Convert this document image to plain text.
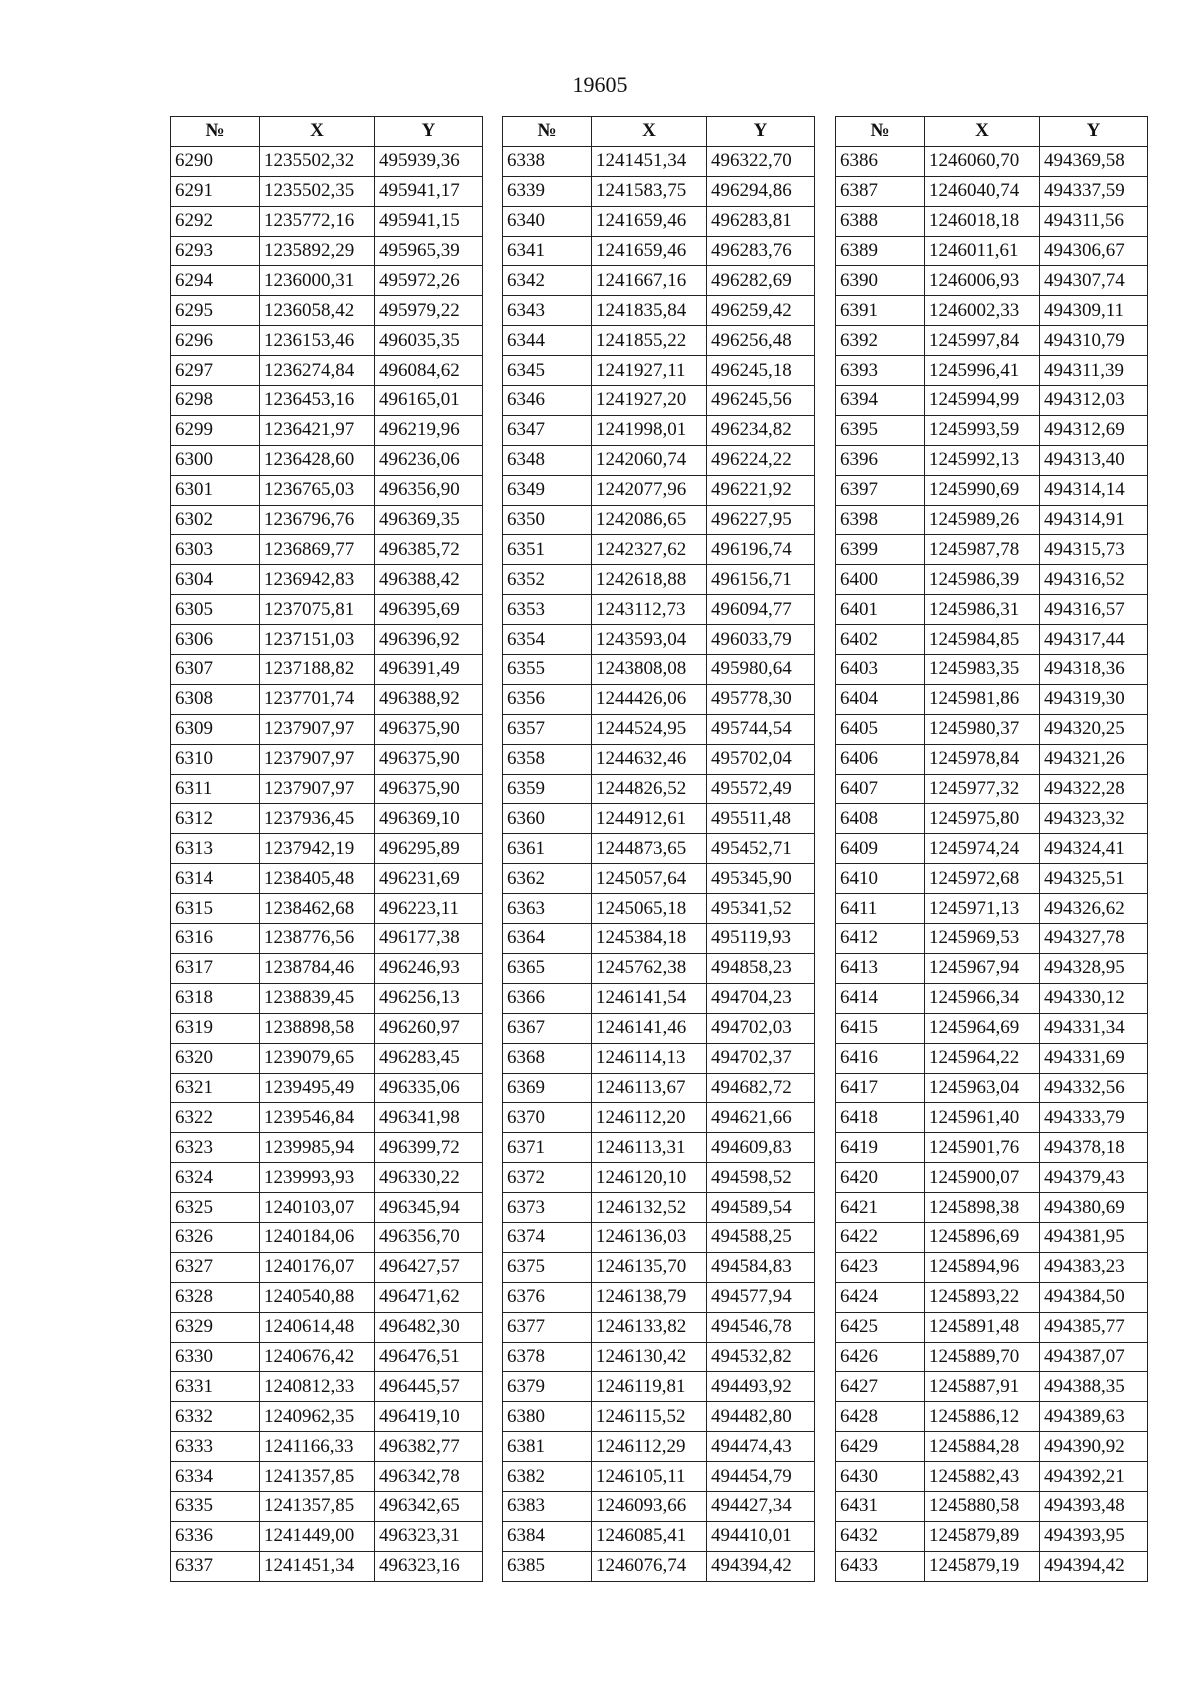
19605
№	X	Y
6290	1235502,32	495939,36
6291	1235502,35	495941,17
6292	1235772,16	495941,15
6293	1235892,29	495965,39
6294	1236000,31	495972,26
6295	1236058,42	495979,22
6296	1236153,46	496035,35
6297	1236274,84	496084,62
6298	1236453,16	496165,01
6299	1236421,97	496219,96
6300	1236428,60	496236,06
6301	1236765,03	496356,90
6302	1236796,76	496369,35
6303	1236869,77	496385,72
6304	1236942,83	496388,42
6305	1237075,81	496395,69
6306	1237151,03	496396,92
6307	1237188,82	496391,49
6308	1237701,74	496388,92
6309	1237907,97	496375,90
6310	1237907,97	496375,90
6311	1237907,97	496375,90
6312	1237936,45	496369,10
6313	1237942,19	496295,89
6314	1238405,48	496231,69
6315	1238462,68	496223,11
6316	1238776,56	496177,38
6317	1238784,46	496246,93
6318	1238839,45	496256,13
6319	1238898,58	496260,97
6320	1239079,65	496283,45
6321	1239495,49	496335,06
6322	1239546,84	496341,98
6323	1239985,94	496399,72
6324	1239993,93	496330,22
6325	1240103,07	496345,94
6326	1240184,06	496356,70
6327	1240176,07	496427,57
6328	1240540,88	496471,62
6329	1240614,48	496482,30
6330	1240676,42	496476,51
6331	1240812,33	496445,57
6332	1240962,35	496419,10
6333	1241166,33	496382,77
6334	1241357,85	496342,78
6335	1241357,85	496342,65
6336	1241449,00	496323,31
6337	1241451,34	496323,16
№	X	Y
6338	1241451,34	496322,70
6339	1241583,75	496294,86
6340	1241659,46	496283,81
6341	1241659,46	496283,76
6342	1241667,16	496282,69
6343	1241835,84	496259,42
6344	1241855,22	496256,48
6345	1241927,11	496245,18
6346	1241927,20	496245,56
6347	1241998,01	496234,82
6348	1242060,74	496224,22
6349	1242077,96	496221,92
6350	1242086,65	496227,95
6351	1242327,62	496196,74
6352	1242618,88	496156,71
6353	1243112,73	496094,77
6354	1243593,04	496033,79
6355	1243808,08	495980,64
6356	1244426,06	495778,30
6357	1244524,95	495744,54
6358	1244632,46	495702,04
6359	1244826,52	495572,49
6360	1244912,61	495511,48
6361	1244873,65	495452,71
6362	1245057,64	495345,90
6363	1245065,18	495341,52
6364	1245384,18	495119,93
6365	1245762,38	494858,23
6366	1246141,54	494704,23
6367	1246141,46	494702,03
6368	1246114,13	494702,37
6369	1246113,67	494682,72
6370	1246112,20	494621,66
6371	1246113,31	494609,83
6372	1246120,10	494598,52
6373	1246132,52	494589,54
6374	1246136,03	494588,25
6375	1246135,70	494584,83
6376	1246138,79	494577,94
6377	1246133,82	494546,78
6378	1246130,42	494532,82
6379	1246119,81	494493,92
6380	1246115,52	494482,80
6381	1246112,29	494474,43
6382	1246105,11	494454,79
6383	1246093,66	494427,34
6384	1246085,41	494410,01
6385	1246076,74	494394,42
№	X	Y
6386	1246060,70	494369,58
6387	1246040,74	494337,59
6388	1246018,18	494311,56
6389	1246011,61	494306,67
6390	1246006,93	494307,74
6391	1246002,33	494309,11
6392	1245997,84	494310,79
6393	1245996,41	494311,39
6394	1245994,99	494312,03
6395	1245993,59	494312,69
6396	1245992,13	494313,40
6397	1245990,69	494314,14
6398	1245989,26	494314,91
6399	1245987,78	494315,73
6400	1245986,39	494316,52
6401	1245986,31	494316,57
6402	1245984,85	494317,44
6403	1245983,35	494318,36
6404	1245981,86	494319,30
6405	1245980,37	494320,25
6406	1245978,84	494321,26
6407	1245977,32	494322,28
6408	1245975,80	494323,32
6409	1245974,24	494324,41
6410	1245972,68	494325,51
6411	1245971,13	494326,62
6412	1245969,53	494327,78
6413	1245967,94	494328,95
6414	1245966,34	494330,12
6415	1245964,69	494331,34
6416	1245964,22	494331,69
6417	1245963,04	494332,56
6418	1245961,40	494333,79
6419	1245901,76	494378,18
6420	1245900,07	494379,43
6421	1245898,38	494380,69
6422	1245896,69	494381,95
6423	1245894,96	494383,23
6424	1245893,22	494384,50
6425	1245891,48	494385,77
6426	1245889,70	494387,07
6427	1245887,91	494388,35
6428	1245886,12	494389,63
6429	1245884,28	494390,92
6430	1245882,43	494392,21
6431	1245880,58	494393,48
6432	1245879,89	494393,95
6433	1245879,19	494394,42
